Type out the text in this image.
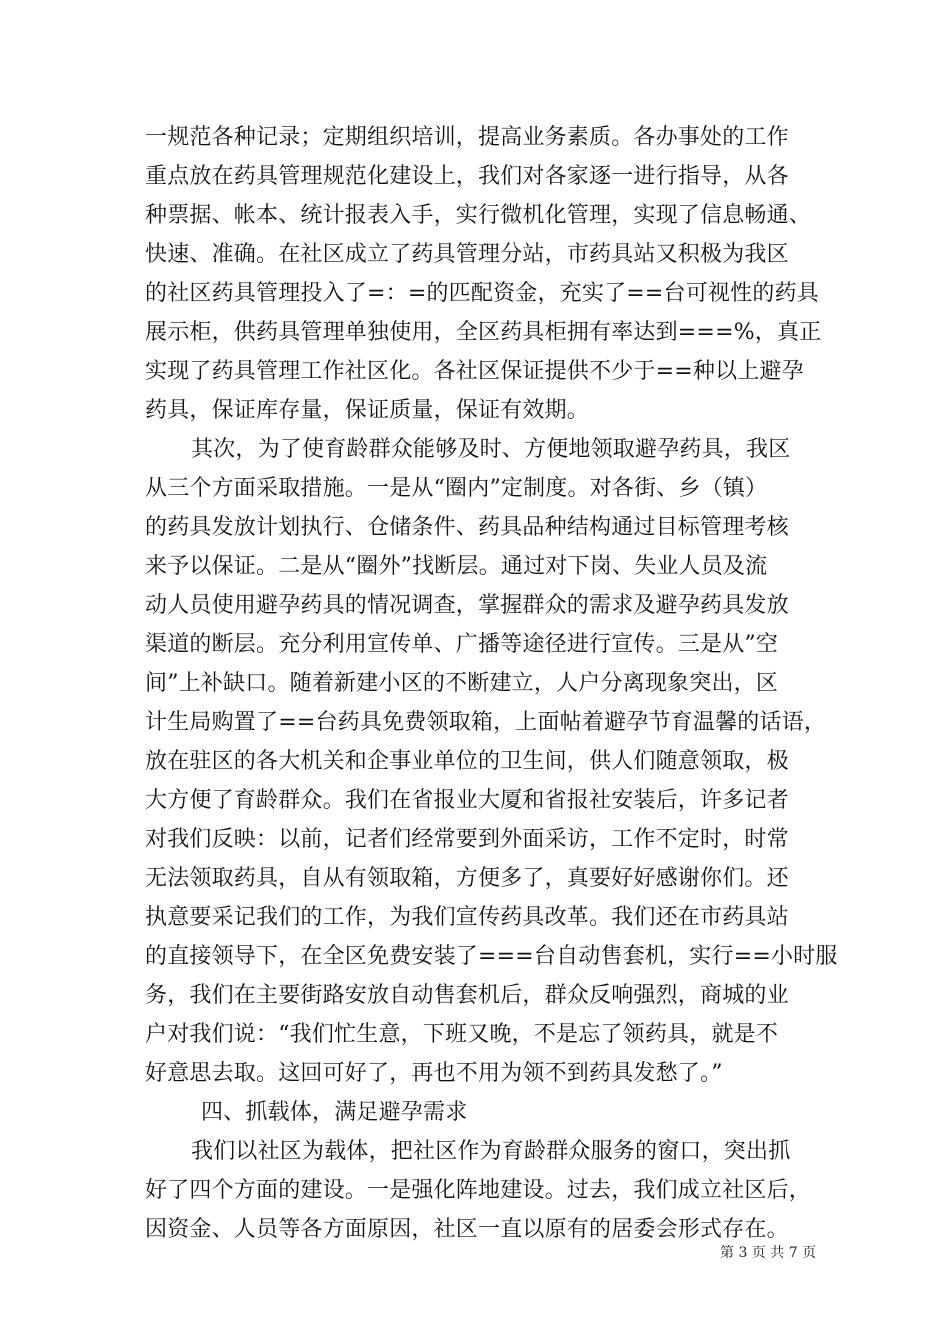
一规范各种记录；定期组织培训，提高业务素质。各办事处的工作
重点放在药具管理规范化建设上，我们对各家逐一进行指导，从各
种票据、帐本、统计报表入手，实行微机化管理，实现了信息畅通、
快速、准确。在社区成立了药具管理分站，市药具站又积极为我区
的社区药具管理投入了=：=的匹配资金，充实了==台可视性的药具
展示柜，供药具管理单独使用，全区药具柜拥有率达到===%，真正
实现了药具管理工作社区化。各社区保证提供不少于==种以上避孕
药具，保证库存量，保证质量，保证有效期。
其次，为了使育龄群众能够及时、方便地领取避孕药具，我区
从三个方面采取措施。一是从“圈内”定制度。对各街、乡（镇）
的药具发放计划执行、仓储条件、药具品种结构通过目标管理考核
来予以保证。二是从“圈外”找断层。通过对下岗、失业人员及流
动人员使用避孕药具的情况调查，掌握群众的需求及避孕药具发放
渠道的断层。充分利用宣传单、广播等途径进行宣传。三是从”空
间”上补缺口。随着新建小区的不断建立，人户分离现象突出，区
计生局购置了==台药具免费领取箱，上面帖着避孕节育温馨的话语，
放在驻区的各大机关和企事业单位的卫生间，供人们随意领取，极
大方便了育龄群众。我们在省报业大厦和省报社安装后，许多记者
对我们反映：以前，记者们经常要到外面采访，工作不定时，时常
无法领取药具，自从有领取箱，方便多了，真要好好感谢你们。还
执意要采记我们的工作，为我们宣传药具改革。我们还在市药具站
的直接领导下，在全区免费安装了===台自动售套机，实行==小时服
务，我们在主要街路安放自动售套机后，群众反响强烈，商城的业
户对我们说：“我们忙生意，下班又晚，不是忘了领药具，就是不
好意思去取。这回可好了，再也不用为领不到药具发愁了。”
四、抓载体，满足避孕需求
我们以社区为载体，把社区作为育龄群众服务的窗口，突出抓
好了四个方面的建设。一是强化阵地建设。过去，我们成立社区后，
因资金、人员等各方面原因，社区一直以原有的居委会形式存在。
第 3 页 共 7 页
